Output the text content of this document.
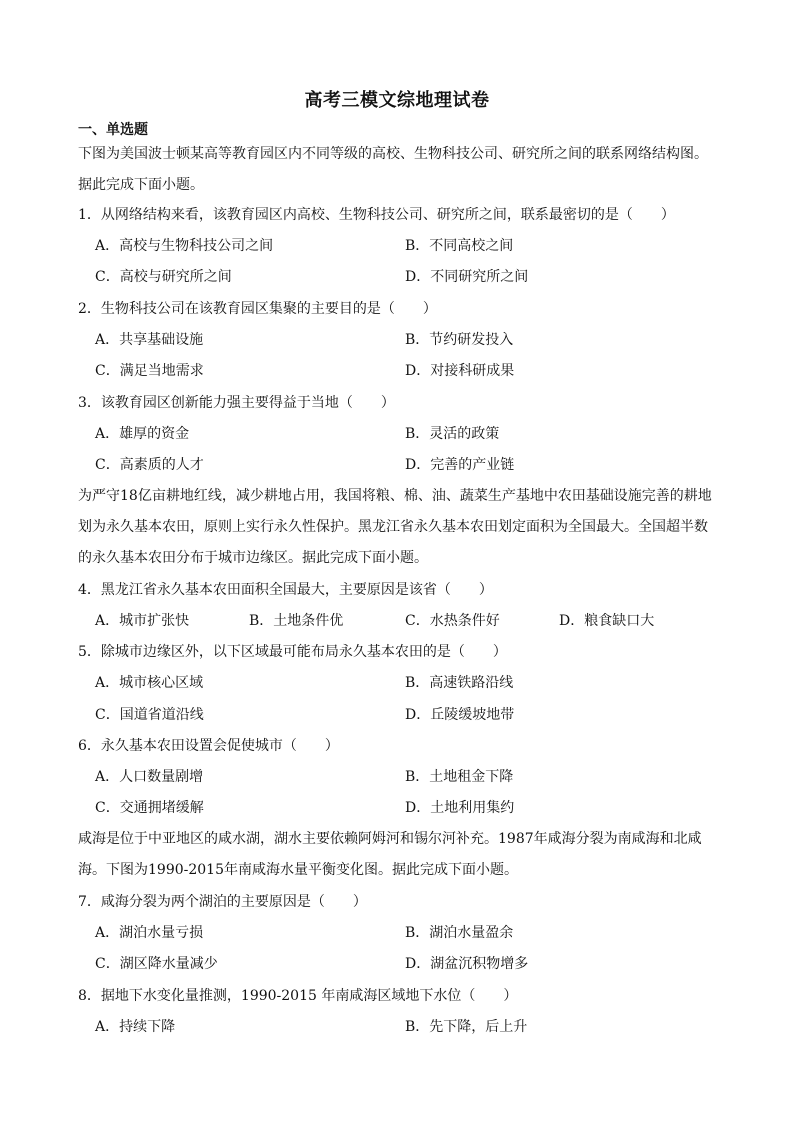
高考三模文综地理试卷
一、单选题
下图为美国波士顿某高等教育园区内不同等级的高校、生物科技公司、研究所之间的联系网络结构图。据此完成下面小题。
1．从网络结构来看，该教育园区内高校、生物科技公司、研究所之间，联系最密切的是（　　）
A．高校与生物科技公司之间	B．不同高校之间
C．高校与研究所之间	D．不同研究所之间
2．生物科技公司在该教育园区集聚的主要目的是（　　）
A．共享基础设施	B．节约研发投入
C．满足当地需求	D．对接科研成果
3．该教育园区创新能力强主要得益于当地（　　）
A．雄厚的资金	B．灵活的政策
C．高素质的人才	D．完善的产业链
为严守18亿亩耕地红线，减少耕地占用，我国将粮、棉、油、蔬菜生产基地中农田基础设施完善的耕地划为永久基本农田，原则上实行永久性保护。黑龙江省永久基本农田划定面积为全国最大。全国超半数的永久基本农田分布于城市边缘区。据此完成下面小题。
4．黑龙江省永久基本农田面积全国最大，主要原因是该省（　　）
A．城市扩张快	B．土地条件优	C．水热条件好	D．粮食缺口大
5．除城市边缘区外，以下区域最可能布局永久基本农田的是（　　）
A．城市核心区域	B．高速铁路沿线
C．国道省道沿线	D．丘陵缓坡地带
6．永久基本农田设置会促使城市（　　）
A．人口数量剧增	B．土地租金下降
C．交通拥堵缓解	D．土地利用集约
咸海是位于中亚地区的咸水湖，湖水主要依赖阿姆河和锡尔河补充。1987年咸海分裂为南咸海和北咸海。下图为1990-2015年南咸海水量平衡变化图。据此完成下面小题。
7．咸海分裂为两个湖泊的主要原因是（　　）
A．湖泊水量亏损	B．湖泊水量盈余
C．湖区降水量减少	D．湖盆沉积物增多
8．据地下水变化量推测，1990-2015 年南咸海区域地下水位（　　）
A．持续下降	B．先下降，后上升
